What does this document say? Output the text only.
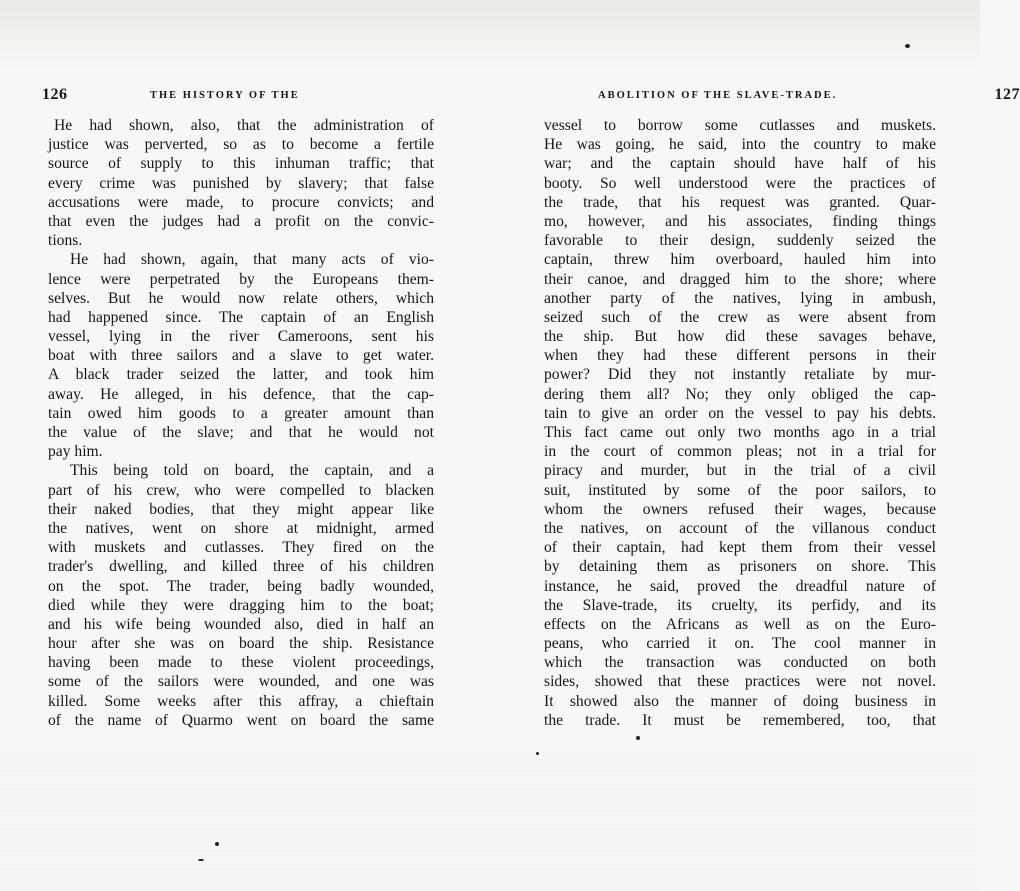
126	THE HISTORY OF THE
He had shown, also, that the administration of
justice was perverted, so as to become a fertile
source of supply to this inhuman traffic; that
every crime was punished by slavery; that false
accusations were made, to procure convicts; and
that even the judges had a profit on the convic-
tions.
He had shown, again, that many acts of vio-
lence were perpetrated by the Europeans them-
selves. But he would now relate others, which
had happened since. The captain of an English
vessel, lying in the river Cameroons, sent his
boat with three sailors and a slave to get water.
A black trader seized the latter, and took him
away. He alleged, in his defence, that the cap-
tain owed him goods to a greater amount than
the value of the slave; and that he would not
pay him.
This being told on board, the captain, and a
part of his crew, who were compelled to blacken
their naked bodies, that they might appear like
the natives, went on shore at midnight, armed
with muskets and cutlasses. They fired on the
trader's dwelling, and killed three of his children
on the spot. The trader, being badly wounded,
died while they were dragging him to the boat;
and his wife being wounded also, died in half an
hour after she was on board the ship. Resistance
having been made to these violent proceedings,
some of the sailors were wounded, and one was
killed. Some weeks after this affray, a chieftain
of the name of Quarmo went on board the same
ABOLITION OF THE SLAVE-TRADE.	127
vessel to borrow some cutlasses and muskets.
He was going, he said, into the country to make
war; and the captain should have half of his
booty. So well understood were the practices of
the trade, that his request was granted. Quar-
mo, however, and his associates, finding things
favorable to their design, suddenly seized the
captain, threw him overboard, hauled him into
their canoe, and dragged him to the shore; where
another party of the natives, lying in ambush,
seized such of the crew as were absent from
the ship. But how did these savages behave,
when they had these different persons in their
power? Did they not instantly retaliate by mur-
dering them all? No; they only obliged the cap-
tain to give an order on the vessel to pay his debts.
This fact came out only two months ago in a trial
in the court of common pleas; not in a trial for
piracy and murder, but in the trial of a civil
suit, instituted by some of the poor sailors, to
whom the owners refused their wages, because
the natives, on account of the villanous conduct
of their captain, had kept them from their vessel
by detaining them as prisoners on shore. This
instance, he said, proved the dreadful nature of
the Slave-trade, its cruelty, its perfidy, and its
effects on the Africans as well as on the Euro-
peans, who carried it on. The cool manner in
which the transaction was conducted on both
sides, showed that these practices were not novel.
It showed also the manner of doing business in
the trade. It must be remembered, too, that
